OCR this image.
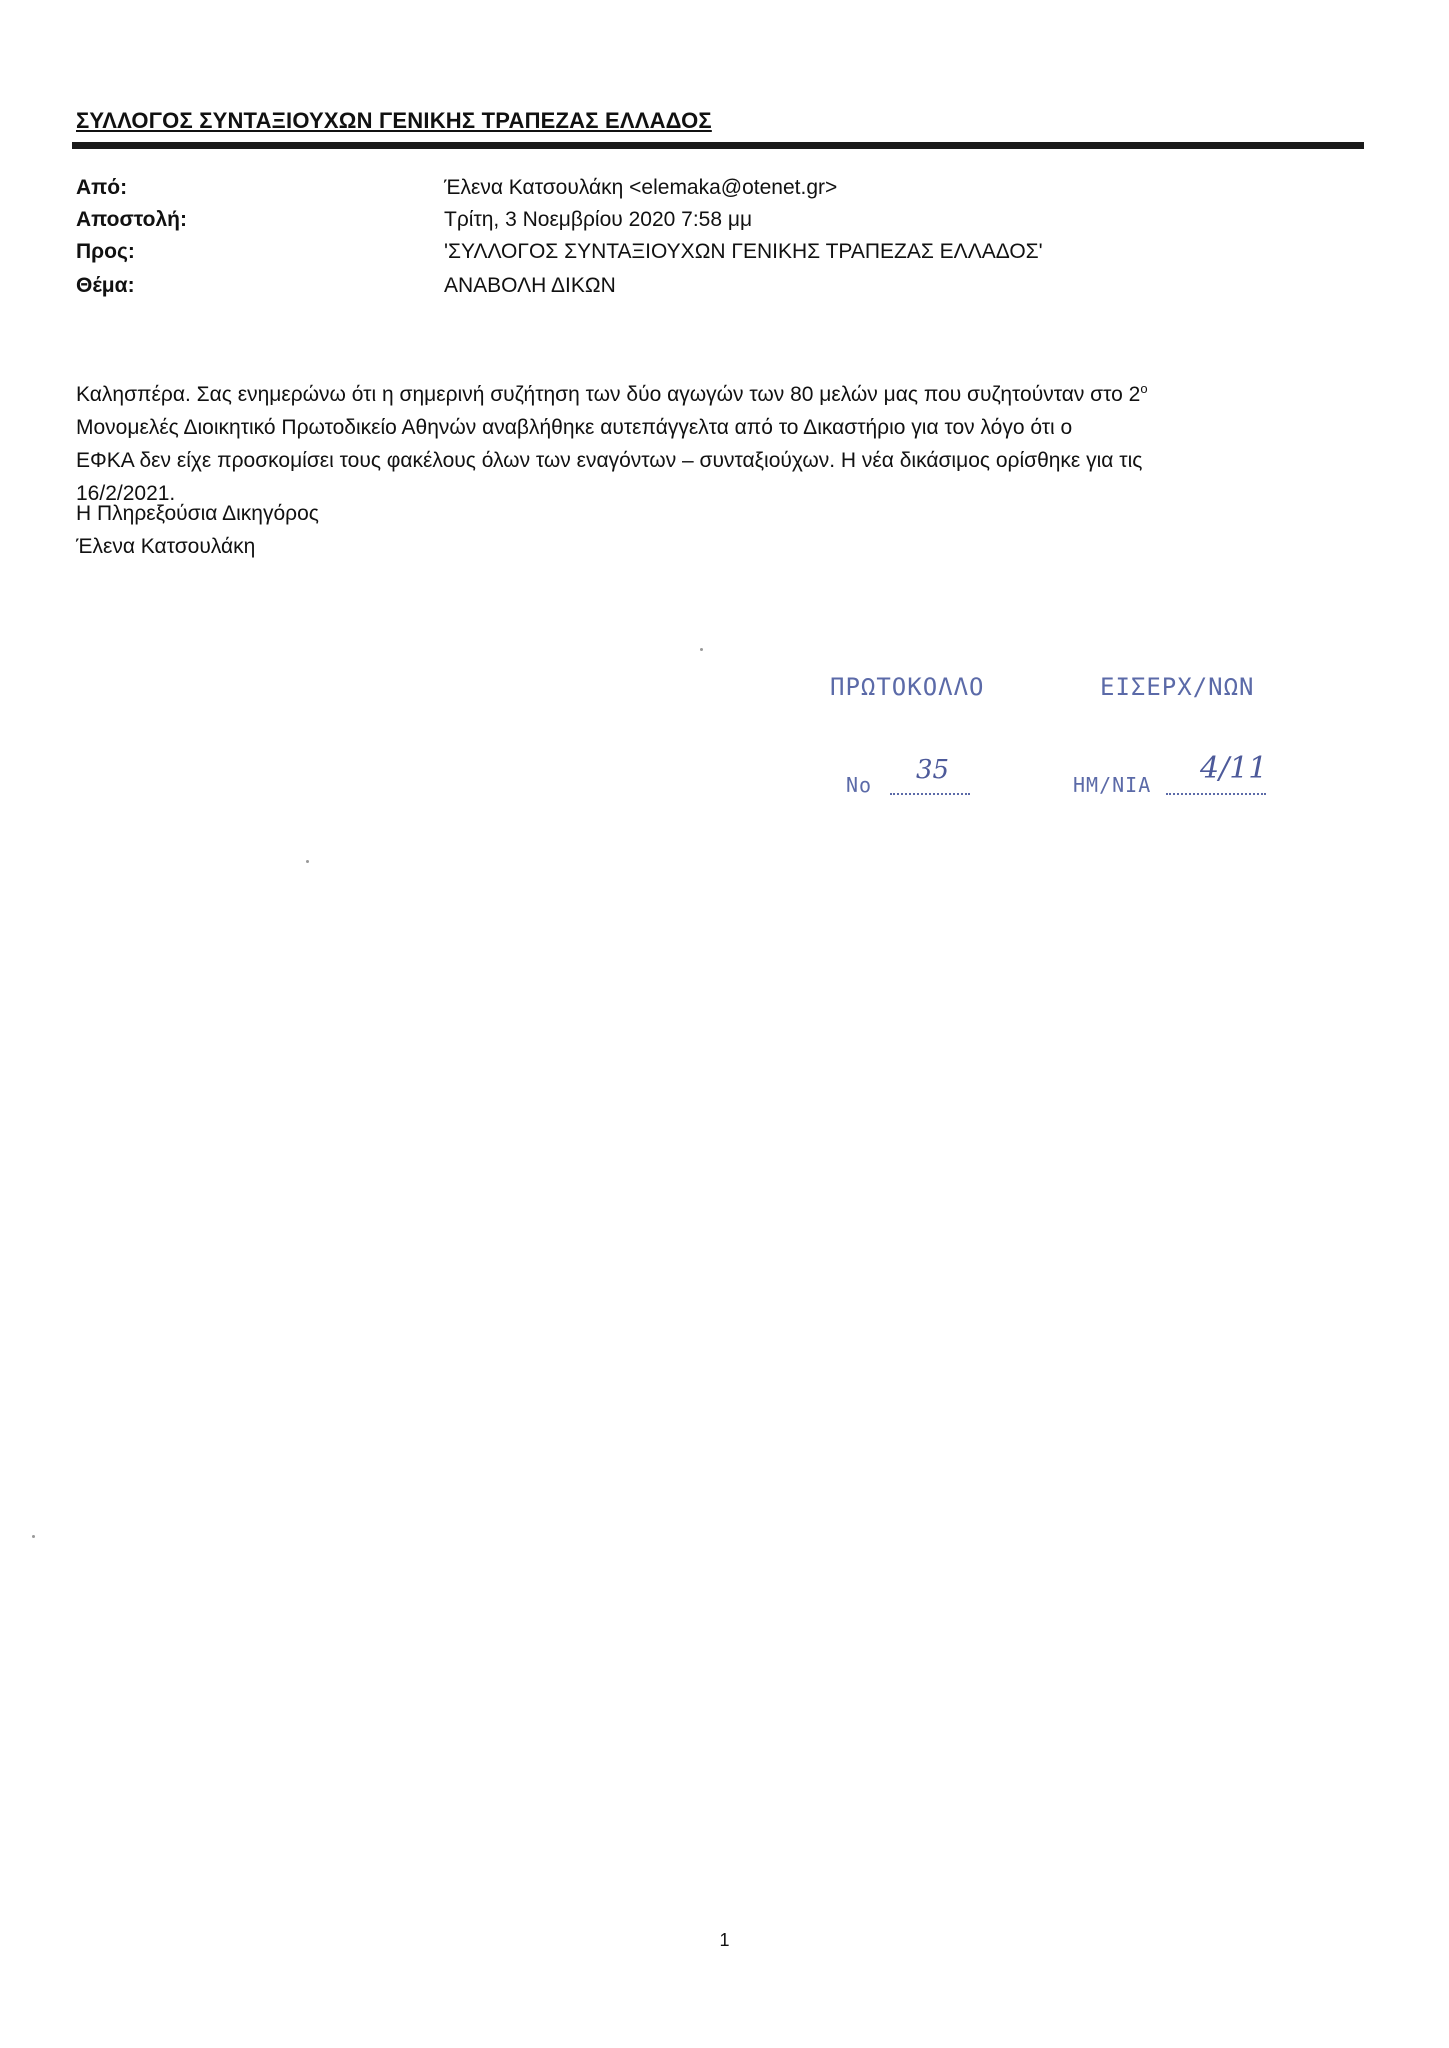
ΣΥΛΛΟΓΟΣ ΣΥΝΤΑΞΙΟΥΧΩΝ ΓΕΝΙΚΗΣ ΤΡΑΠΕΖΑΣ ΕΛΛΑΔΟΣ
Από:	Έλενα Κατσουλάκη <elemaka@otenet.gr>
Αποστολή:	Τρίτη, 3 Νοεμβρίου 2020 7:58 μμ
Προς:	'ΣΥΛΛΟΓΟΣ ΣΥΝΤΑΞΙΟΥΧΩΝ ΓΕΝΙΚΗΣ ΤΡΑΠΕΖΑΣ ΕΛΛΑΔΟΣ'
Θέμα:	ΑΝΑΒΟΛΗ ΔΙΚΩΝ
Καλησπέρα. Σας ενημερώνω ότι η σημερινή συζήτηση των δύο αγωγών των 80 μελών μας που συζητούνταν στο $2^o$
Μονομελές Διοικητικό Πρωτοδικείο Αθηνών αναβλήθηκε αυτεπάγγελτα από το Δικαστήριο για τον λόγο ότι ο
ΕΦΚΑ δεν είχε προσκομίσει τους φακέλους όλων των εναγόντων – συνταξιούχων. Η νέα δικάσιμος ορίσθηκε για τις
16/2/2021.
Η Πληρεξούσια Δικηγόρος
Έλενα Κατσουλάκη
ΠΡΩΤΟΚΟΛΛΟ	ΕΙΣΕΡΧ/ΝΩΝ
Νο 35	ΗΜ/ΝΙΑ 4/11
1
